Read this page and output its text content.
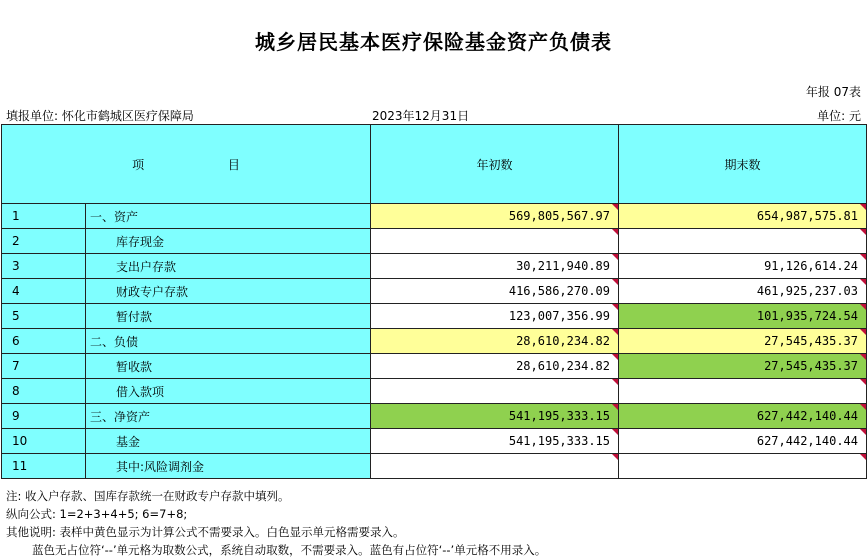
城乡居民基本医疗保险基金资产负债表
年报 07表
填报单位: 怀化市鹤城区医疗保障局	2023年12月31日	单位: 元
项 目		年初数	期末数
1	一、资产	569,805,567.97	654,987,575.81
2	库存现金		
3	支出户存款	30,211,940.89	91,126,614.24
4	财政专户存款	416,586,270.09	461,925,237.03
5	暂付款	123,007,356.99	101,935,724.54
6	二、负债	28,610,234.82	27,545,435.37
7	暂收款	28,610,234.82	27,545,435.37
8	借入款项		
9	三、净资产	541,195,333.15	627,442,140.44
10	基金	541,195,333.15	627,442,140.44
11	其中:风险调剂金		
注: 收入户存款、国库存款统一在财政专户存款中填列。
纵向公式: 1=2+3+4+5; 6=7+8;
其他说明: 表样中黄色显示为计算公式不需要录入。白色显示单元格需要录入。
蓝色无占位符‘--’单元格为取数公式，系统自动取数，不需要录入。蓝色有占位符‘--’单元格不用录入。
